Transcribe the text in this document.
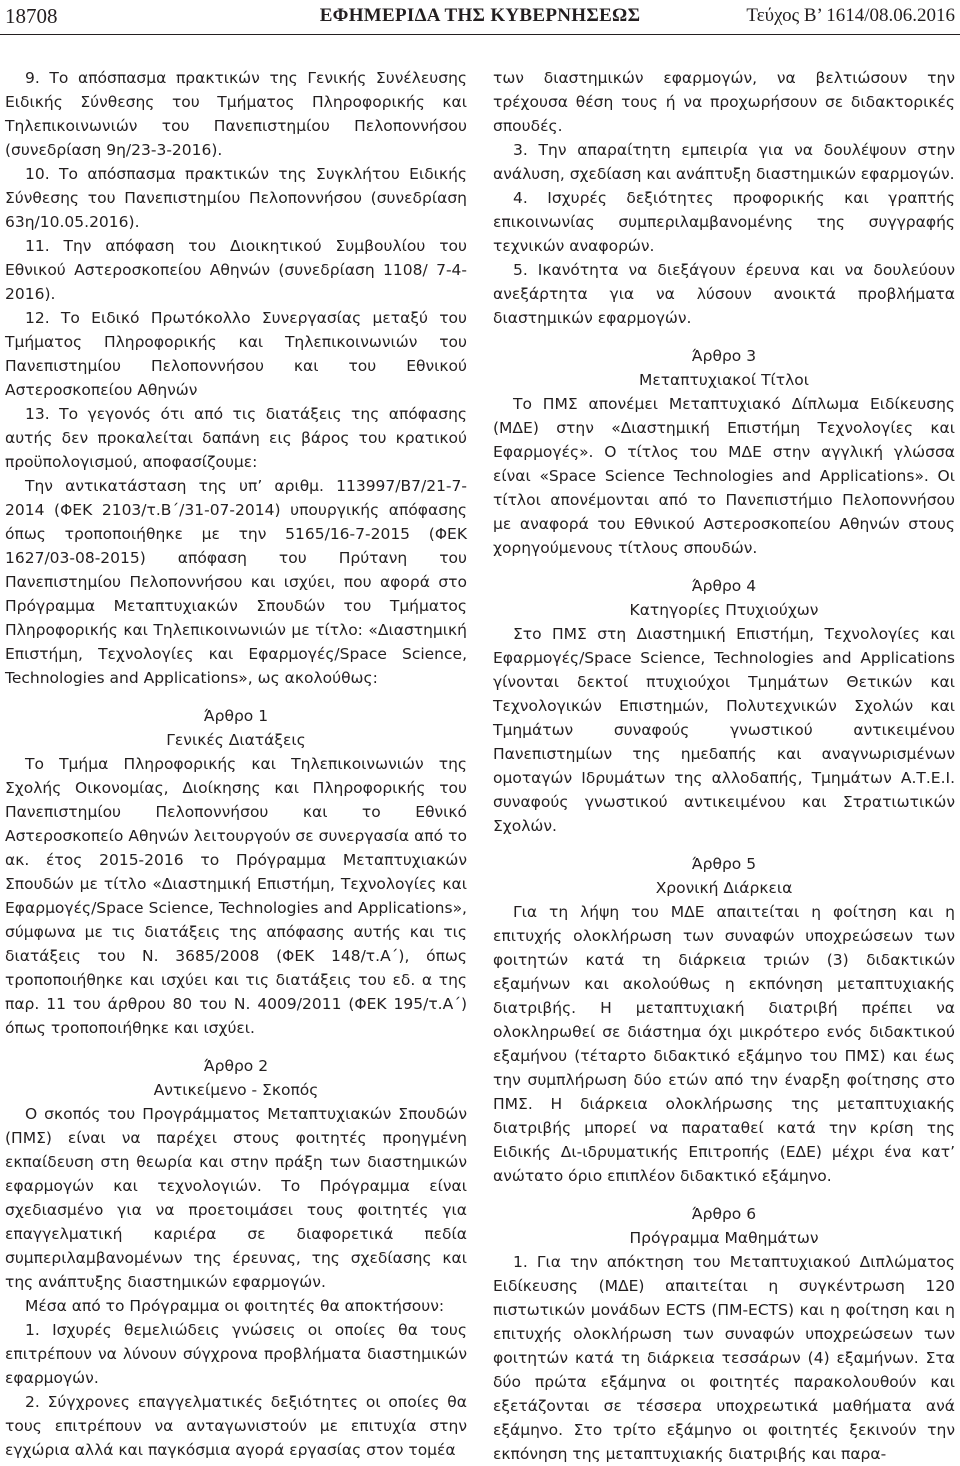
18708	ΕΦΗΜΕΡΙΔΑ ΤΗΣ ΚΥΒΕΡΝΗΣΕΩΣ	Τεύχος Β’ 1614/08.06.2016

9. Το απόσπασμα πρακτικών της Γενικής Συνέλευσης Ειδικής Σύνθεσης του Τμήματος Πληροφορικής και Τηλεπικοινωνιών του Πανεπιστημίου Πελοποννήσου (συνεδρίαση 9η/23-3-2016).

10. Το απόσπασμα πρακτικών της Συγκλήτου Ειδικής Σύνθεσης του Πανεπιστημίου Πελοποννήσου (συνεδρίαση 63η/10.05.2016).

11. Την απόφαση του Διοικητικού Συμβουλίου του Εθνικού Αστεροσκοπείου Αθηνών (συνεδρίαση 1108/ 7-4-2016).

12. Το Ειδικό Πρωτόκολλο Συνεργασίας μεταξύ του Τμήματος Πληροφορικής και Τηλεπικοινωνιών του Πανεπιστημίου Πελοποννήσου και του Εθνικού Αστεροσκοπείου Αθηνών

13. Το γεγονός ότι από τις διατάξεις της απόφασης αυτής δεν προκαλείται δαπάνη εις βάρος του κρατικού προϋπολογισμού, αποφασίζουμε:

Την αντικατάσταση της υπ’ αριθμ. 113997/Β7/21-7-2014 (ΦΕΚ 2103/τ.Β΄/31-07-2014) υπουργικής απόφασης όπως τροποποιήθηκε με την 5165/16-7-2015 (ΦΕΚ 1627/03-08-2015) απόφαση του Πρύτανη του Πανεπιστημίου Πελοποννήσου και ισχύει, που αφορά στο Πρόγραμμα Μεταπτυχιακών Σπουδών του Τμήματος Πληροφορικής και Τηλεπικοινωνιών με τίτλο: «Διαστημική Επιστήμη, Τεχνολογίες και Εφαρμογές/Space Science, Technologies and Applications», ως ακολούθως:

Άρθρο 1

Γενικές Διατάξεις

Το Τμήμα Πληροφορικής και Τηλεπικοινωνιών της Σχολής Οικονομίας, Διοίκησης και Πληροφορικής του Πανεπιστημίου Πελοποννήσου και το Εθνικό Αστεροσκοπείο Αθηνών λειτουργούν σε συνεργασία από το ακ. έτος 2015-2016 το Πρόγραμμα Μεταπτυχιακών Σπουδών με τίτλο «Διαστημική Επιστήμη, Τεχνολογίες και Εφαρμογές/Space Science, Technologies and Applications», σύμφωνα με τις διατάξεις της απόφασης αυτής και τις διατάξεις του Ν. 3685/2008 (ΦΕΚ 148/τ.Α΄), όπως τροποποιήθηκε και ισχύει και τις διατάξεις του εδ. α της παρ. 11 του άρθρου 80 του Ν. 4009/2011 (ΦΕΚ 195/τ.Α΄) όπως τροποποιήθηκε και ισχύει.

Άρθρο 2

Αντικείμενο - Σκοπός

Ο σκοπός του Προγράμματος Μεταπτυχιακών Σπουδών (ΠΜΣ) είναι να παρέχει στους φοιτητές προηγμένη εκπαίδευση στη θεωρία και στην πράξη των διαστημικών εφαρμογών και τεχνολογιών. Το Πρόγραμμα είναι σχεδιασμένο για να προετοιμάσει τους φοιτητές για επαγγελματική καριέρα σε διαφορετικά πεδία συμπεριλαμβανομένων της έρευνας, της σχεδίασης και της ανάπτυξης διαστημικών εφαρμογών.

Μέσα από το Πρόγραμμα οι φοιτητές θα αποκτήσουν:

1. Ισχυρές θεμελιώδεις γνώσεις οι οποίες θα τους επιτρέπουν να λύνουν σύγχρονα προβλήματα διαστημικών εφαρμογών.

2. Σύγχρονες επαγγελματικές δεξιότητες οι οποίες θα τους επιτρέπουν να ανταγωνιστούν με επιτυχία στην εγχώρια αλλά και παγκόσμια αγορά εργασίας στον τομέα

των διαστημικών εφαρμογών, να βελτιώσουν την τρέχουσα θέση τους ή να προχωρήσουν σε διδακτορικές σπουδές.

3. Την απαραίτητη εμπειρία για να δουλέψουν στην ανάλυση, σχεδίαση και ανάπτυξη διαστημικών εφαρμογών.

4. Ισχυρές δεξιότητες προφορικής και γραπτής επικοινωνίας συμπεριλαμβανομένης της συγγραφής τεχνικών αναφορών.

5. Ικανότητα να διεξάγουν έρευνα και να δουλεύουν ανεξάρτητα για να λύσουν ανοικτά προβλήματα διαστημικών εφαρμογών.

Άρθρο 3

Μεταπτυχιακοί Τίτλοι

Το ΠΜΣ απονέμει Μεταπτυχιακό Δίπλωμα Ειδίκευσης (ΜΔΕ) στην «Διαστημική Επιστήμη Τεχνολογίες και Εφαρμογές». Ο τίτλος του ΜΔΕ στην αγγλική γλώσσα είναι «Space Science Technologies and Applications». Οι τίτλοι απονέμονται από το Πανεπιστήμιο Πελοποννήσου με αναφορά του Εθνικού Αστεροσκοπείου Αθηνών στους χορηγούμενους τίτλους σπουδών.

Άρθρο 4

Κατηγορίες Πτυχιούχων

Στο ΠΜΣ στη Διαστημική Επιστήμη, Τεχνολογίες και Εφαρμογές/Space Science, Technologies and Applications γίνονται δεκτοί πτυχιούχοι Τμημάτων Θετικών και Τεχνολογικών Επιστημών, Πολυτεχνικών Σχολών και Τμημάτων συναφούς γνωστικού αντικειμένου Πανεπιστημίων της ημεδαπής και αναγνωρισμένων ομοταγών Ιδρυμάτων της αλλοδαπής, Τμημάτων Α.Τ.Ε.Ι. συναφούς γνωστικού αντικειμένου και Στρατιωτικών Σχολών.

Άρθρο 5

Χρονική Διάρκεια

Για τη λήψη του ΜΔΕ απαιτείται η φοίτηση και η επιτυχής ολοκλήρωση των συναφών υποχρεώσεων των φοιτητών κατά τη διάρκεια τριών (3) διδακτικών εξαμήνων και ακολούθως η εκπόνηση μεταπτυχιακής διατριβής. Η μεταπτυχιακή διατριβή πρέπει να ολοκληρωθεί σε διάστημα όχι μικρότερο ενός διδακτικού εξαμήνου (τέταρτο διδακτικό εξάμηνο του ΠΜΣ) και έως την συμπλήρωση δύο ετών από την έναρξη φοίτησης στο ΠΜΣ. Η διάρκεια ολοκλήρωσης της μεταπτυχιακής διατριβής μπορεί να παραταθεί κατά την κρίση της Ειδικής Δι-ιδρυματικής Επιτροπής (ΕΔΕ) μέχρι ένα κατ’ ανώτατο όριο επιπλέον διδακτικό εξάμηνο.

Άρθρο 6

Πρόγραμμα Μαθημάτων

1. Για την απόκτηση του Μεταπτυχιακού Διπλώματος Ειδίκευσης (ΜΔΕ) απαιτείται η συγκέντρωση 120 πιστωτικών μονάδων ECTS (ΠΜ-ECTS) και η φοίτηση και η επιτυχής ολοκλήρωση των συναφών υποχρεώσεων των φοιτητών κατά τη διάρκεια τεσσάρων (4) εξαμήνων. Στα δύο πρώτα εξάμηνα οι φοιτητές παρακολουθούν και εξετάζονται σε τέσσερα υποχρεωτικά μαθήματα ανά εξάμηνο. Στο τρίτο εξάμηνο οι φοιτητές ξεκινούν την εκπόνηση της μεταπτυχιακής διατριβής και παρα-
